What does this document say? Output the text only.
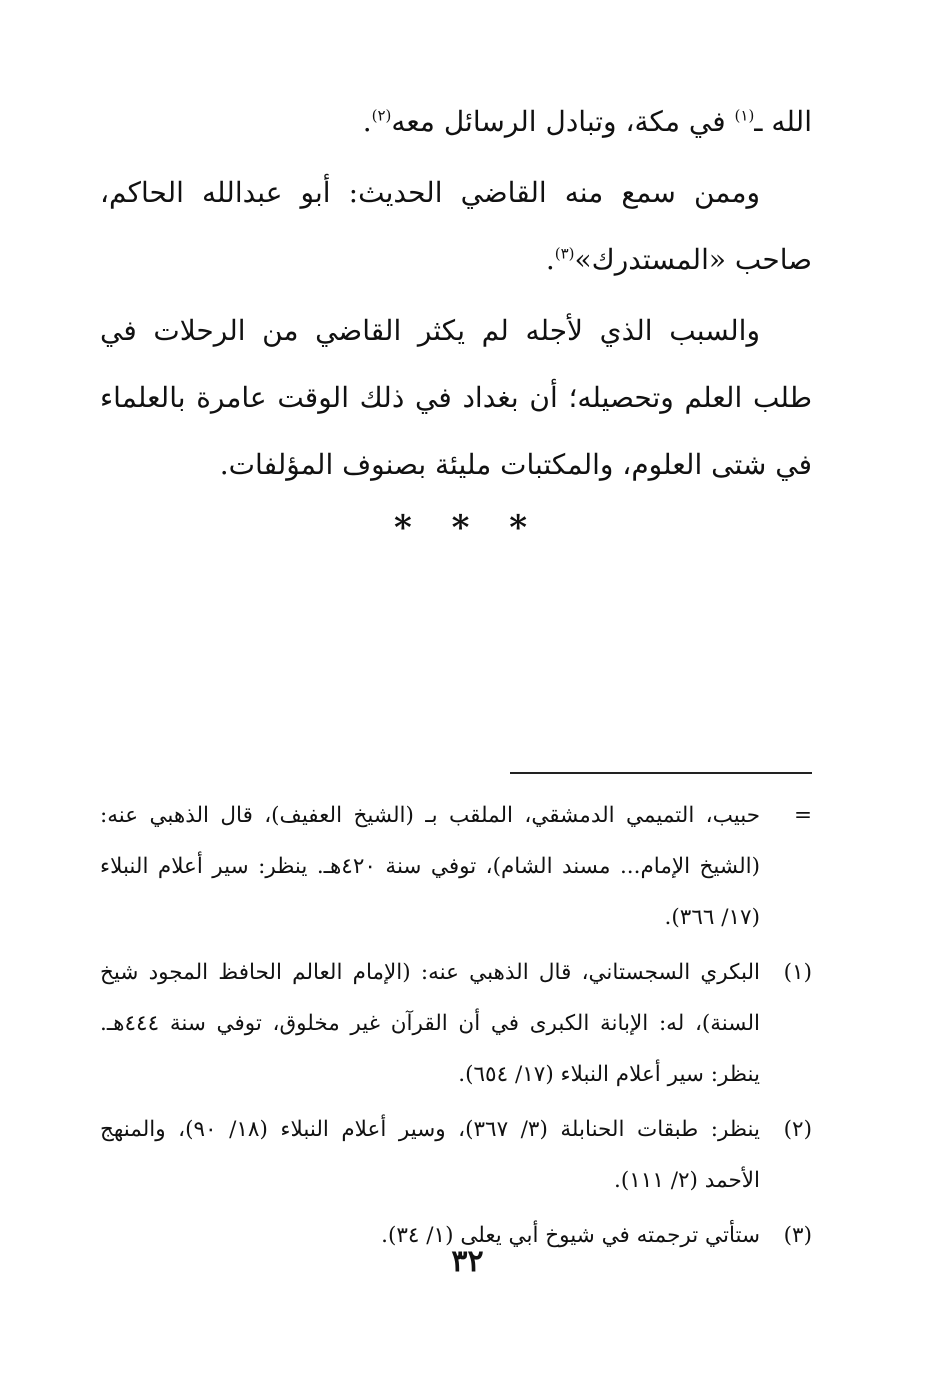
الله ـ$^{(١)}$ في مكة، وتبادل الرسائل معه$^{(٢)}$.

وممن سمع منه القاضي الحديث: أبو عبدالله الحاكم، صاحب «المستدرك»$^{(٣)}$.

والسبب الذي لأجله لم يكثر القاضي من الرحلات في طلب العلم وتحصيله؛ أن بغداد في ذلك الوقت عامرة بالعلماء في شتى العلوم، والمكتبات مليئة بصنوف المؤلفات.

* * *
=
حبيب، التميمي الدمشقي، الملقب بـ (الشيخ العفيف)، قال الذهبي عنه: (الشيخ الإمام... مسند الشام)، توفي سنة ٤٢٠هـ. ينظر: سير أعلام النبلاء (١٧/ ٣٦٦).
(١)
البكري السجستاني، قال الذهبي عنه: (الإمام العالم الحافظ المجود شيخ السنة)، له: الإبانة الكبرى في أن القرآن غير مخلوق، توفي سنة ٤٤٤هـ. ينظر: سير أعلام النبلاء (١٧/ ٦٥٤).
(٢)
ينظر: طبقات الحنابلة (٣/ ٣٦٧)، وسير أعلام النبلاء (١٨/ ٩٠)، والمنهج الأحمد (٢/ ١١١).
(٣)
ستأتي ترجمته في شيوخ أبي يعلى (١/ ٣٤).
٣٢
